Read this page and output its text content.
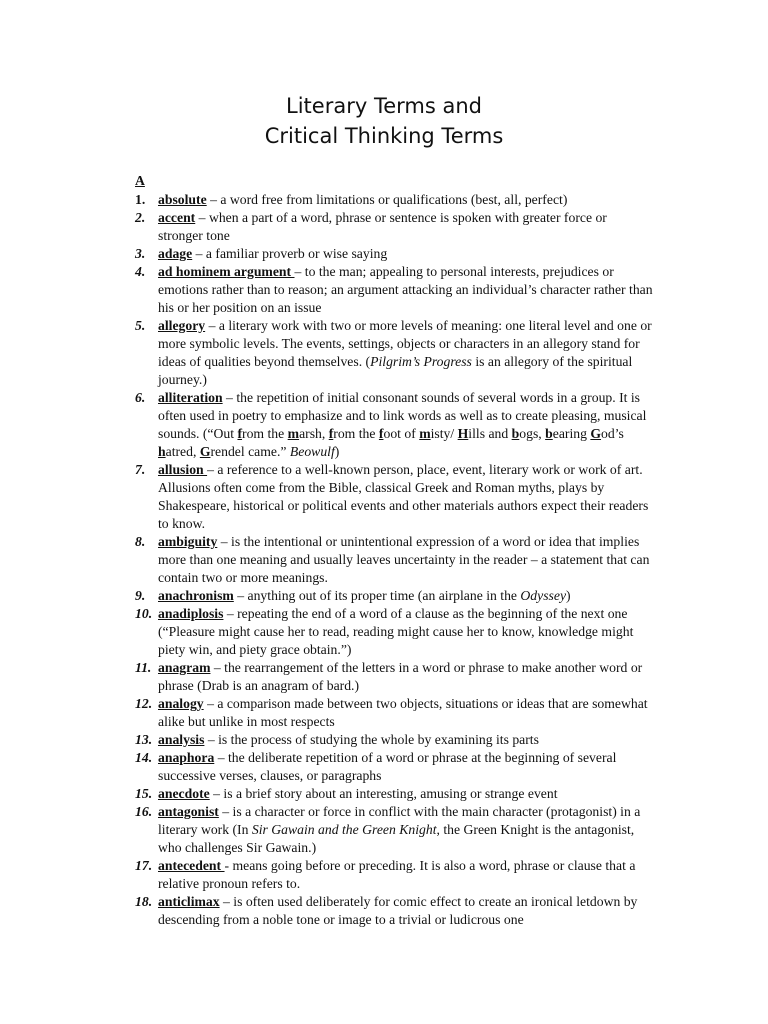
Literary Terms and
Critical Thinking Terms
A
1. absolute – a word free from limitations or qualifications (best, all, perfect)
2. accent – when a part of a word, phrase or sentence is spoken with greater force or stronger tone
3. adage – a familiar proverb or wise saying
4. ad hominem argument – to the man; appealing to personal interests, prejudices or emotions rather than to reason; an argument attacking an individual’s character rather than his or her position on an issue
5. allegory – a literary work with two or more levels of meaning: one literal level and one or more symbolic levels. The events, settings, objects or characters in an allegory stand for ideas of qualities beyond themselves. (Pilgrim’s Progress is an allegory of the spiritual journey.)
6. alliteration – the repetition of initial consonant sounds of several words in a group. It is often used in poetry to emphasize and to link words as well as to create pleasing, musical sounds. (“Out from the marsh, from the foot of misty/ Hills and bogs, bearing God’s hatred, Grendel came.” Beowulf)
7. allusion – a reference to a well-known person, place, event, literary work or work of art. Allusions often come from the Bible, classical Greek and Roman myths, plays by Shakespeare, historical or political events and other materials authors expect their readers to know.
8. ambiguity – is the intentional or unintentional expression of a word or idea that implies more than one meaning and usually leaves uncertainty in the reader – a statement that can contain two or more meanings.
9. anachronism – anything out of its proper time (an airplane in the Odyssey)
10. anadiplosis – repeating the end of a word of a clause as the beginning of the next one (“Pleasure might cause her to read, reading might cause her to know, knowledge might piety win, and piety grace obtain.”)
11. anagram – the rearrangement of the letters in a word or phrase to make another word or phrase (Drab is an anagram of bard.)
12. analogy – a comparison made between two objects, situations or ideas that are somewhat alike but unlike in most respects
13. analysis – is the process of studying the whole by examining its parts
14. anaphora – the deliberate repetition of a word or phrase at the beginning of several successive verses, clauses, or paragraphs
15. anecdote – is a brief story about an interesting, amusing or strange event
16. antagonist – is a character or force in conflict with the main character (protagonist) in a literary work (In Sir Gawain and the Green Knight, the Green Knight is the antagonist, who challenges Sir Gawain.)
17. antecedent - means going before or preceding. It is also a word, phrase or clause that a relative pronoun refers to.
18. anticlimax – is often used deliberately for comic effect to create an ironical letdown by descending from a noble tone or image to a trivial or ludicrous one
